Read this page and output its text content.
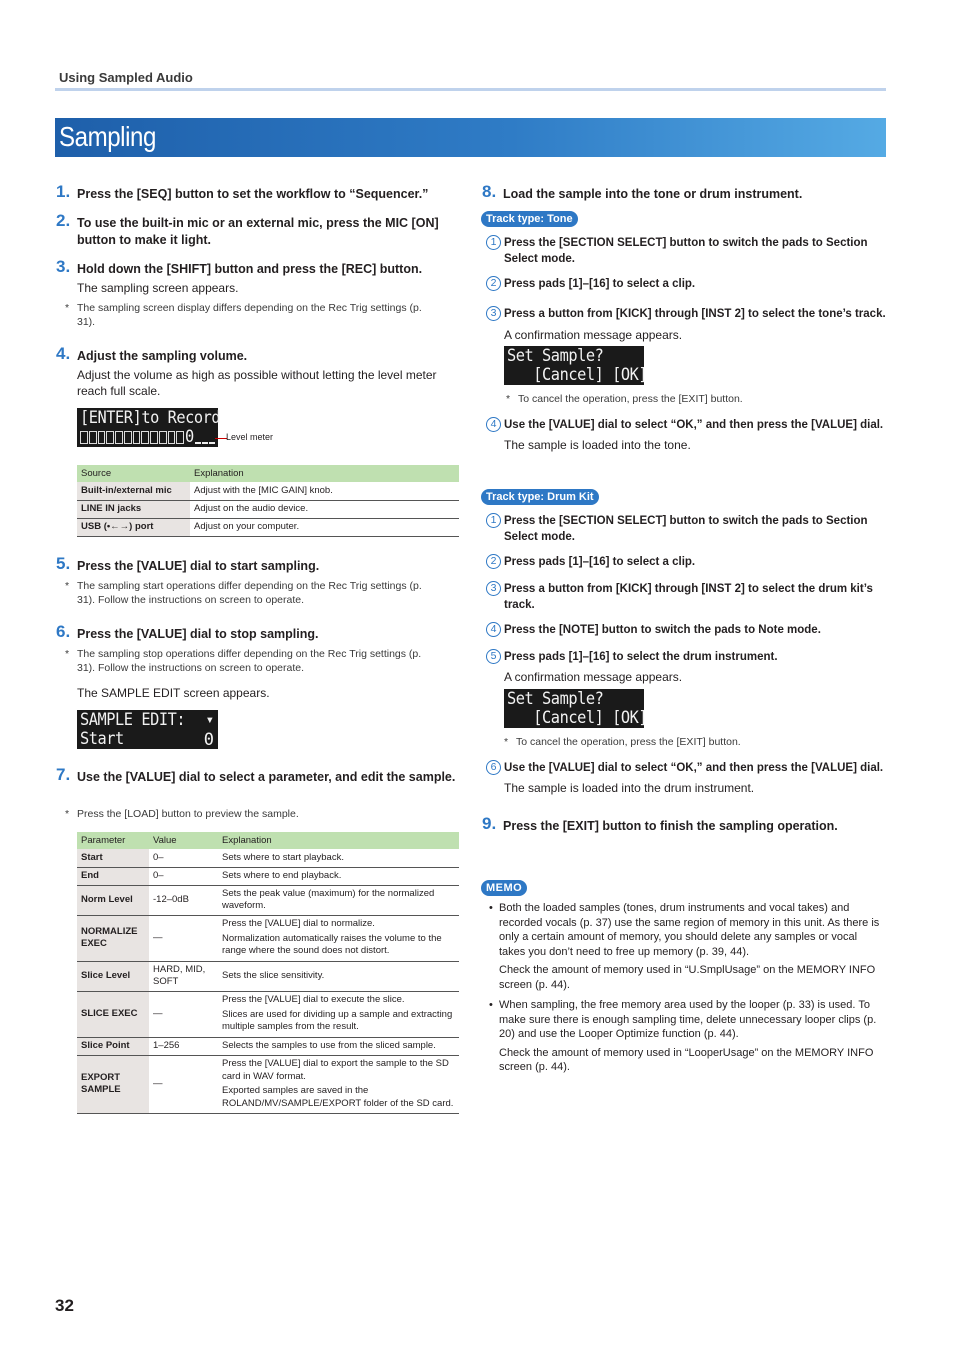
Using Sampled Audio
Sampling
1. Press the [SEQ] button to set the workflow to “Sequencer.”
2. To use the built-in mic or an external mic, press the MIC [ON] button to make it light.
3. Hold down the [SHIFT] button and press the [REC] button.
The sampling screen appears.
* The sampling screen display differs depending on the Rec Trig settings (p. 31).
4. Adjust the sampling volume.
Adjust the volume as high as possible without letting the level meter reach full scale.
[ENTER]to Record
0	Level meter
Source	Explanation
Built-in/external mic	Adjust with the [MIC GAIN] knob.
LINE IN jacks	Adjust on the audio device.
USB (•←→) port	Adjust on your computer.
5. Press the [VALUE] dial to start sampling.
* The sampling start operations differ depending on the Rec Trig settings (p. 31). Follow the instructions on screen to operate.
6. Press the [VALUE] dial to stop sampling.
* The sampling stop operations differ depending on the Rec Trig settings (p. 31). Follow the instructions on screen to operate.
The SAMPLE EDIT screen appears.
SAMPLE EDIT: ▾
Start	0
7. Use the [VALUE] dial to select a parameter, and edit the sample.
* Press the [LOAD] button to preview the sample.
Parameter	Value	Explanation
Start	0–	Sets where to start playback.
End	0–	Sets where to end playback.
Norm Level	-12–0dB	Sets the peak value (maximum) for the normalized waveform.
NORMALIZE EXEC	—	Press the [VALUE] dial to normalize.
Normalization automatically raises the volume to the range where the sound does not distort.

Slice Level	HARD, MID, SOFT	Sets the slice sensitivity.
SLICE EXEC	—	Press the [VALUE] dial to execute the slice.
Slices are used for dividing up a sample and extracting multiple samples from the result.

Slice Point	1–256	Selects the samples to use from the sliced sample.
EXPORT SAMPLE	—	Press the [VALUE] dial to export the sample to the SD card in WAV format.
Exported samples are saved in the ROLAND/MV/SAMPLE/EXPORT folder of the SD card.
8. Load the sample into the tone or drum instrument.
Track type: Tone
1 Press the [SECTION SELECT] button to switch the pads to Section Select mode.
2 Press pads [1]–[16] to select a clip.
3 Press a button from [KICK] through [INST 2] to select the tone’s track.
A confirmation message appears.
Set Sample?
[Cancel] [OK]
* To cancel the operation, press the [EXIT] button.
4 Use the [VALUE] dial to select “OK,” and then press the [VALUE] dial.
The sample is loaded into the tone.
Track type: Drum Kit
1 Press the [SECTION SELECT] button to switch the pads to Section Select mode.
2 Press pads [1]–[16] to select a clip.
3 Press a button from [KICK] through [INST 2] to select the drum kit’s track.
4 Press the [NOTE] button to switch the pads to Note mode.
5 Press pads [1]–[16] to select the drum instrument.
A confirmation message appears.
Set Sample?
[Cancel] [OK]
* To cancel the operation, press the [EXIT] button.
6 Use the [VALUE] dial to select “OK,” and then press the [VALUE] dial.
The sample is loaded into the drum instrument.
9. Press the [EXIT] button to finish the sampling operation.
MEMO
• Both the loaded samples (tones, drum instruments and vocal takes) and recorded vocals (p. 37) use the same region of memory in this unit. As there is only a certain amount of memory, you should delete any samples or vocal takes you don’t need to free up memory (p. 39, 44).
Check the amount of memory used in “U.SmplUsage” on the MEMORY INFO screen (p. 44).
• When sampling, the free memory area used by the looper (p. 33) is used. To make sure there is enough sampling time, delete unnecessary looper clips (p. 20) and use the Looper Optimize function (p. 44).
Check the amount of memory used in “LooperUsage” on the MEMORY INFO screen (p. 44).
32
